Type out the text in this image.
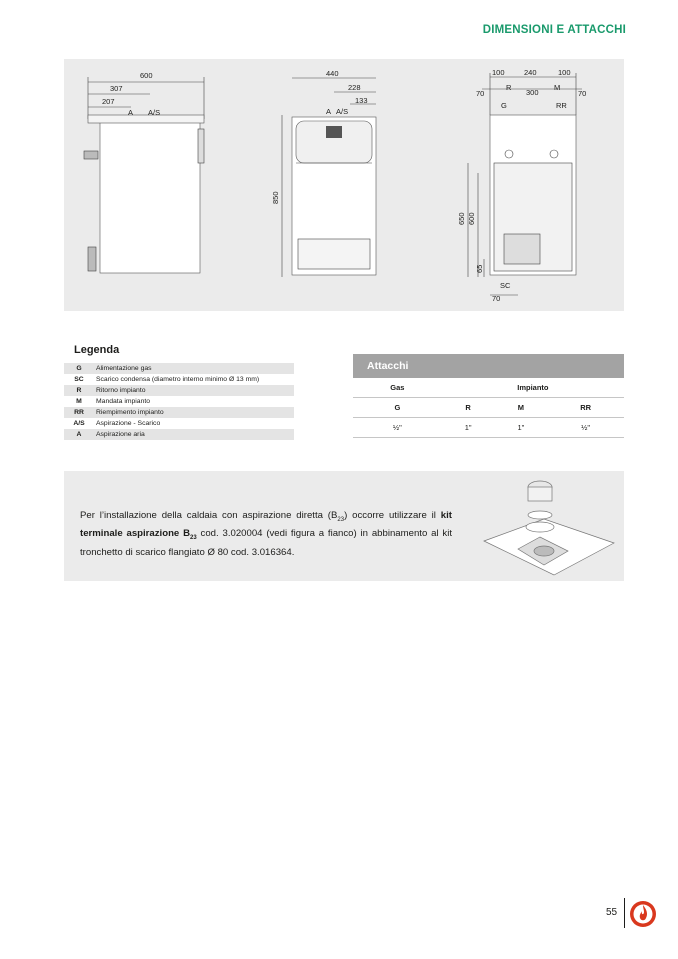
DIMENSIONI E ATTACCHI
600
307
207
A A/S
440
228
133
A A/S
850
100	240	100
70	300	70
R	M
G	RR
650 600
65
SC
70
Legenda
G	Alimentazione gas
SC	Scarico condensa (diametro interno minimo Ø 13 mm)
R	Ritorno impianto
M	Mandata impianto
RR	Riempimento impianto
A/S	Aspirazione - Scarico
A	Aspirazione aria
Attacchi
Gas	Impianto		
G	R	M	RR
½"	1"	1"	½"
Per l’installazione della caldaia con aspirazione diretta $(B_{23})$ occorre utilizzare il kit terminale aspirazione $B_{23}$ cod. 3.020004 (vedi figura a fianco) in abbinamento al kit tronchetto di scarico flangiato Ø 80 cod. 3.016364.
55
